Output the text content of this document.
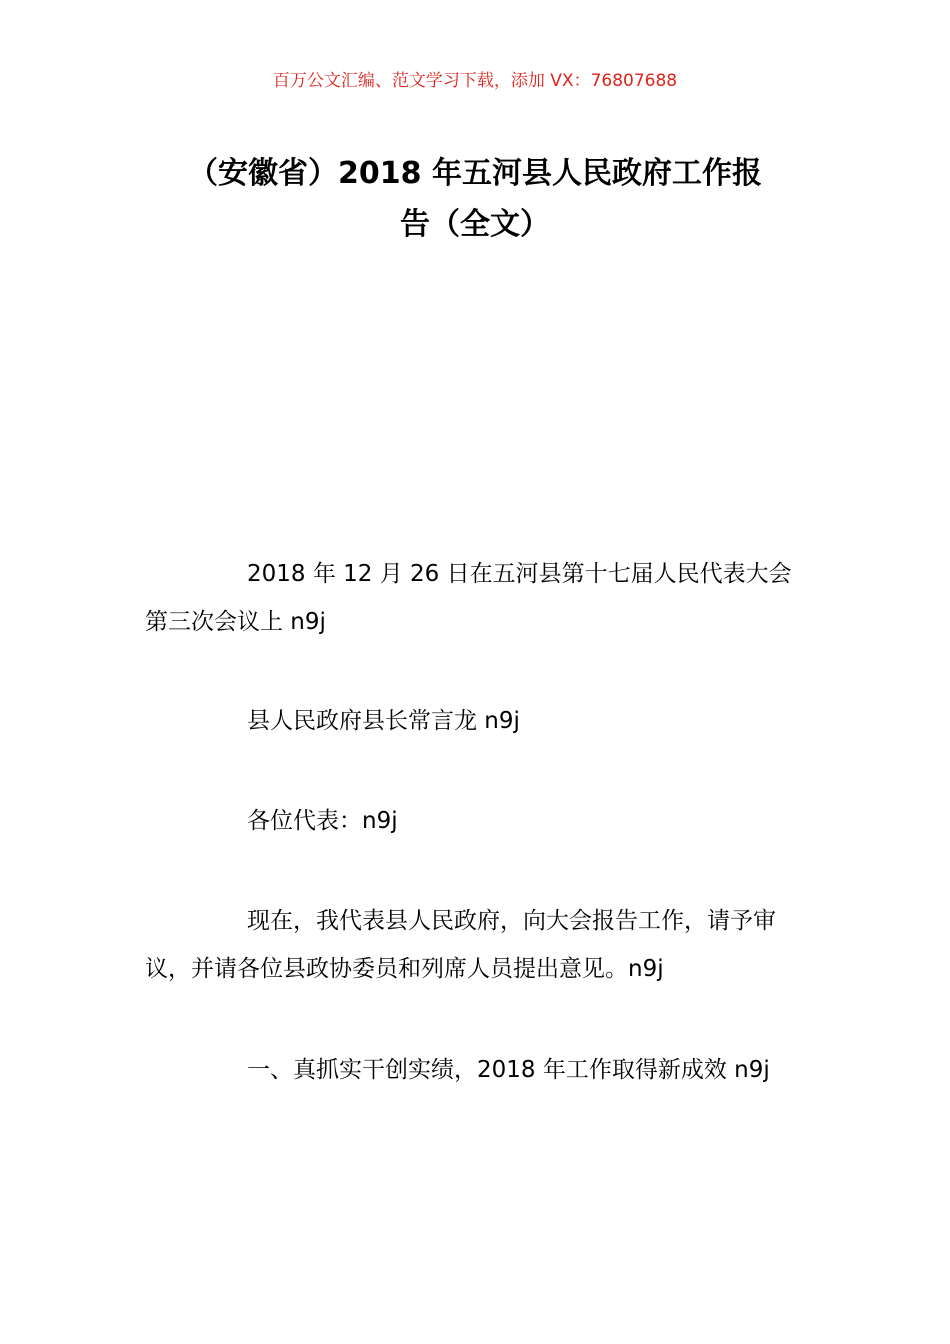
百万公文汇编、范文学习下载，添加 VX：76807688
（安徽省）2018 年五河县人民政府工作报
告（全文）

2018 年 12 月 26 日在五河县第十七届人民代表大会第三次会议上 n9j

县人民政府县长常言龙 n9j

各位代表：n9j

现在，我代表县人民政府，向大会报告工作，请予审议，并请各位县政协委员和列席人员提出意见。n9j

一、真抓实干创实绩，2018 年工作取得新成效 n9j
